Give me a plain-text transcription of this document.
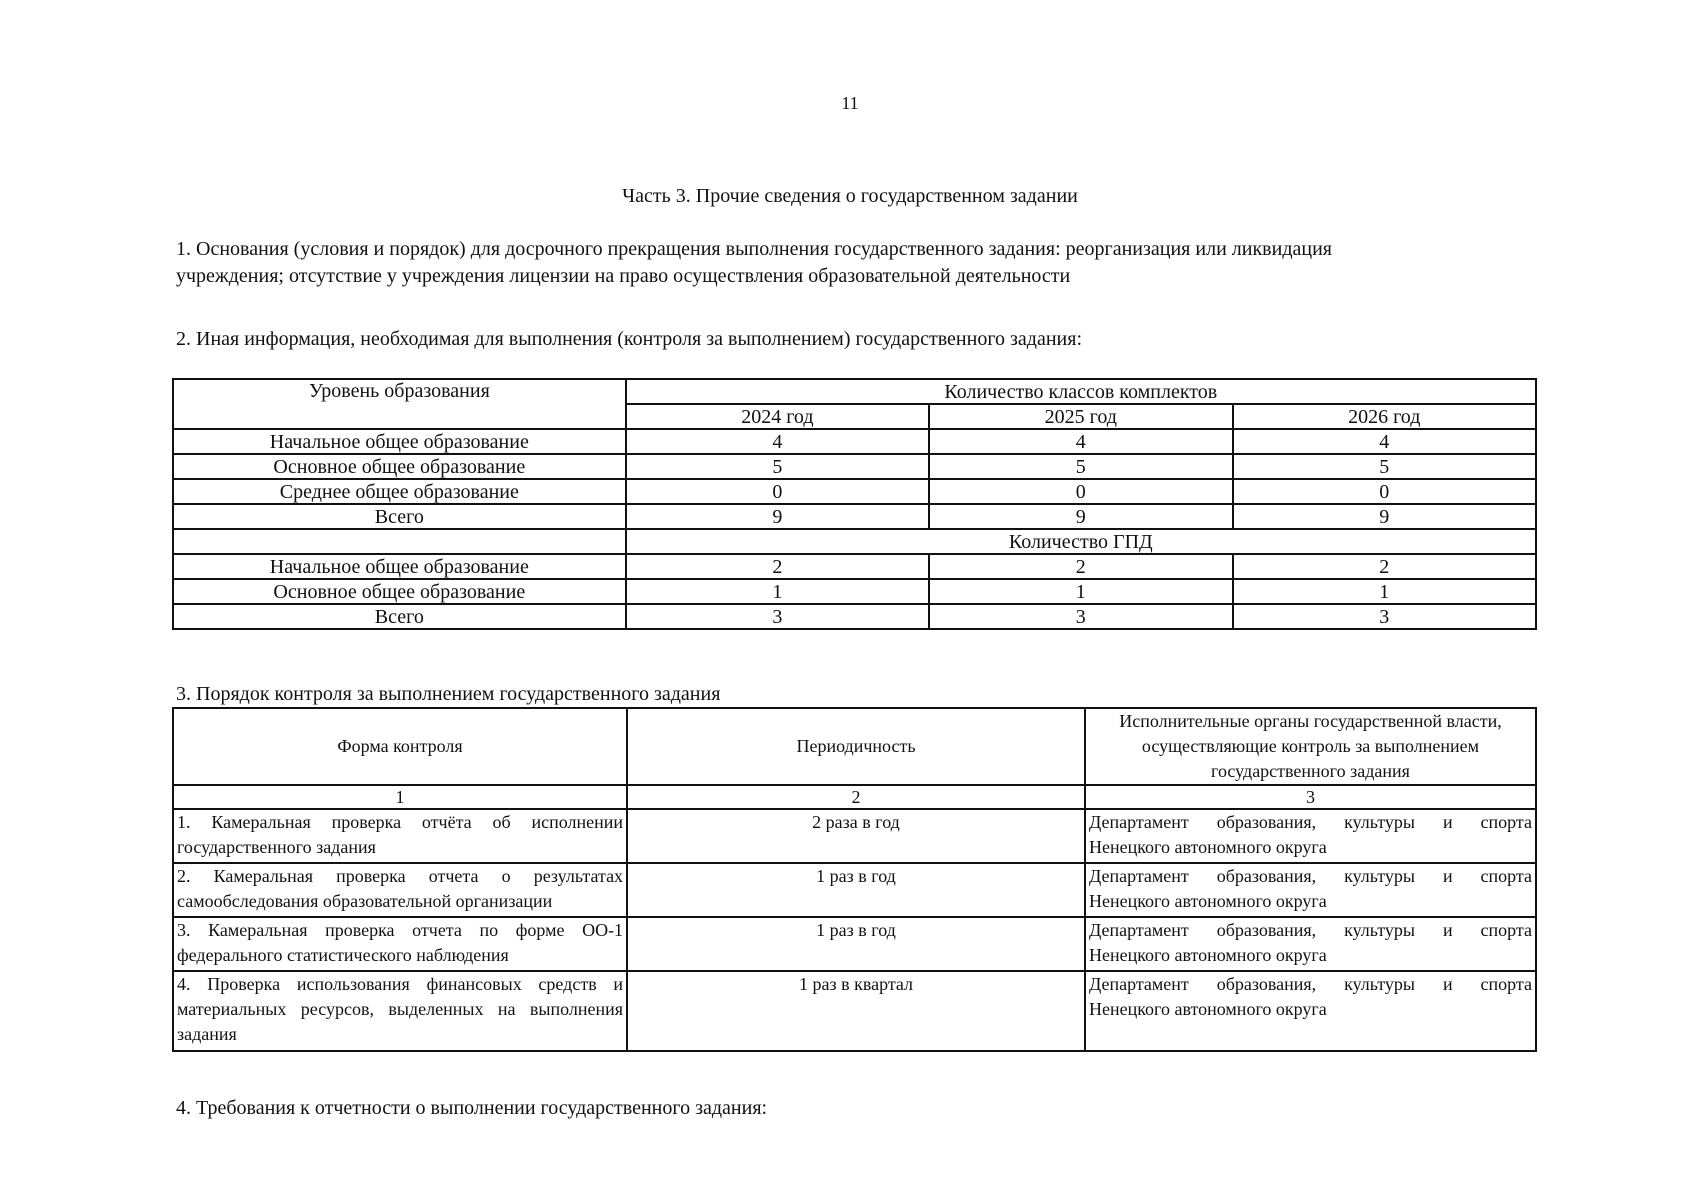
11
Часть 3. Прочие сведения о государственном задании
1. Основания (условия и порядок) для досрочного прекращения выполнения государственного задания: реорганизация или ликвидация
учреждения; отсутствие у учреждения лицензии на право осуществления образовательной деятельности
2. Иная информация, необходимая для выполнения (контроля за выполнением) государственного задания:
Уровень образования	Количество классов комплектов		
	2024 год	2025 год	2026 год
Начальное общее образование	4	4	4
Основное общее образование	5	5	5
Среднее общее образование	0	0	0
Всего	9	9	9
	Количество ГПД		
Начальное общее образование	2	2	2
Основное общее образование	1	1	1
Всего	3	3	3
3. Порядок контроля за выполнением государственного задания
Форма контроля	Периодичность	Исполнительные органы государственной власти, осуществляющие контроль за выполнением государственного задания
1	2	3
1. Камеральная проверка отчёта об исполнении государственного задания	2 раза в год	Департамент образования, культуры и спорта
Ненецкого автономного округа

2. Камеральная проверка отчета о результатах самообследования образовательной организации	1 раз в год	Департамент образования, культуры и спорта
Ненецкого автономного округа

3. Камеральная проверка отчета по форме ОО-1 федерального статистического наблюдения	1 раз в год	Департамент образования, культуры и спорта
Ненецкого автономного округа

4. Проверка использования финансовых средств и материальных ресурсов, выделенных на выполнения задания	1 раз в квартал	Департамент образования, культуры и спорта
Ненецкого автономного округа
4. Требования к отчетности о выполнении государственного задания:
